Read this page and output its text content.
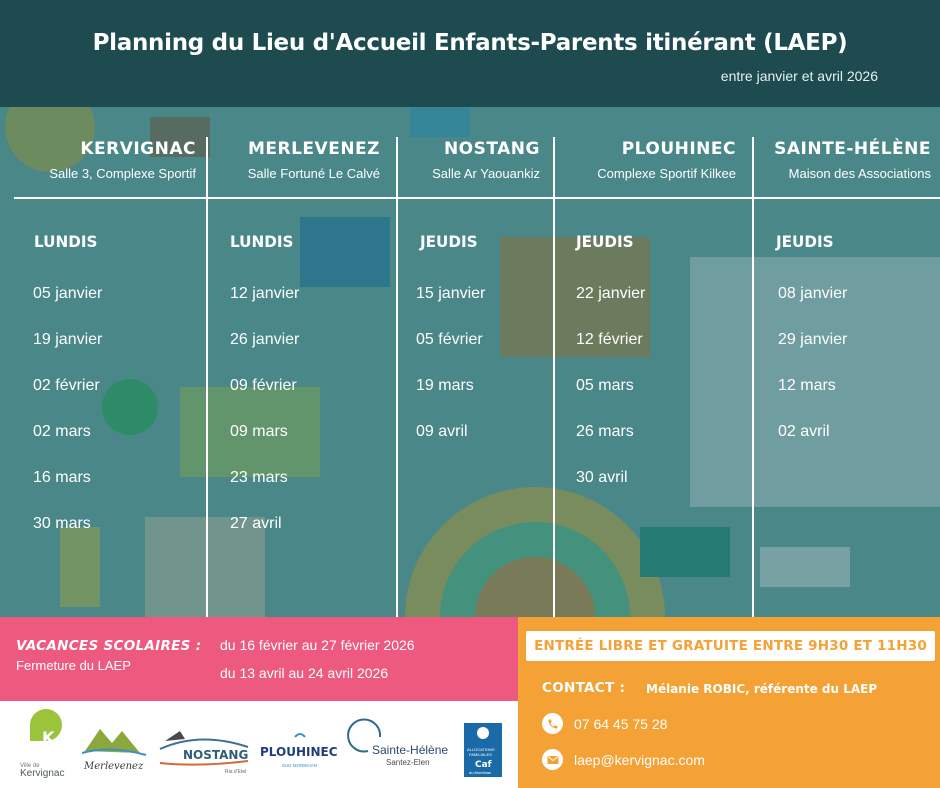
Planning du Lieu d'Accueil Enfants-Parents itinérant (LAEP)
entre janvier et avril 2026
KERVIGNAC
Salle 3, Complexe Sportif
LUNDIS
05 janvier
19 janvier
02 février
02 mars
16 mars
30 mars
MERLEVENEZ
Salle Fortuné Le Calvé
LUNDIS
12 janvier
26 janvier
09 février
09 mars
23 mars
27 avril
NOSTANG
Salle Ar Yaouankiz
JEUDIS
15 janvier
05 février
19 mars
09 avril
PLOUHINEC
Complexe Sportif Kilkee
JEUDIS
22 janvier
12 février
05 mars
26 mars
30 avril
SAINTE-HÉLÈNE
Maison des Associations
JEUDIS
08 janvier
29 janvier
12 mars
02 avril
VACANCES SCOLAIRES :
Fermeture du LAEP
du 16 février au 27 février 2026
du 13 avril au 24 avril 2026
K
Ville de
Kervignac
Merlevenez
NOSTANG
Ria d'Etel
PLOUHINEC
SUD MORBIHAN
Sainte-Hélène
Santez-Elen
ALLOCATIONS
FAMILIALES
Caf
du Morbihan
ENTRÉE LIBRE ET GRATUITE ENTRE 9H30 ET 11H30
CONTACT : Mélanie ROBIC, référente du LAEP
07 64 45 75 28
laep@kervignac.com
